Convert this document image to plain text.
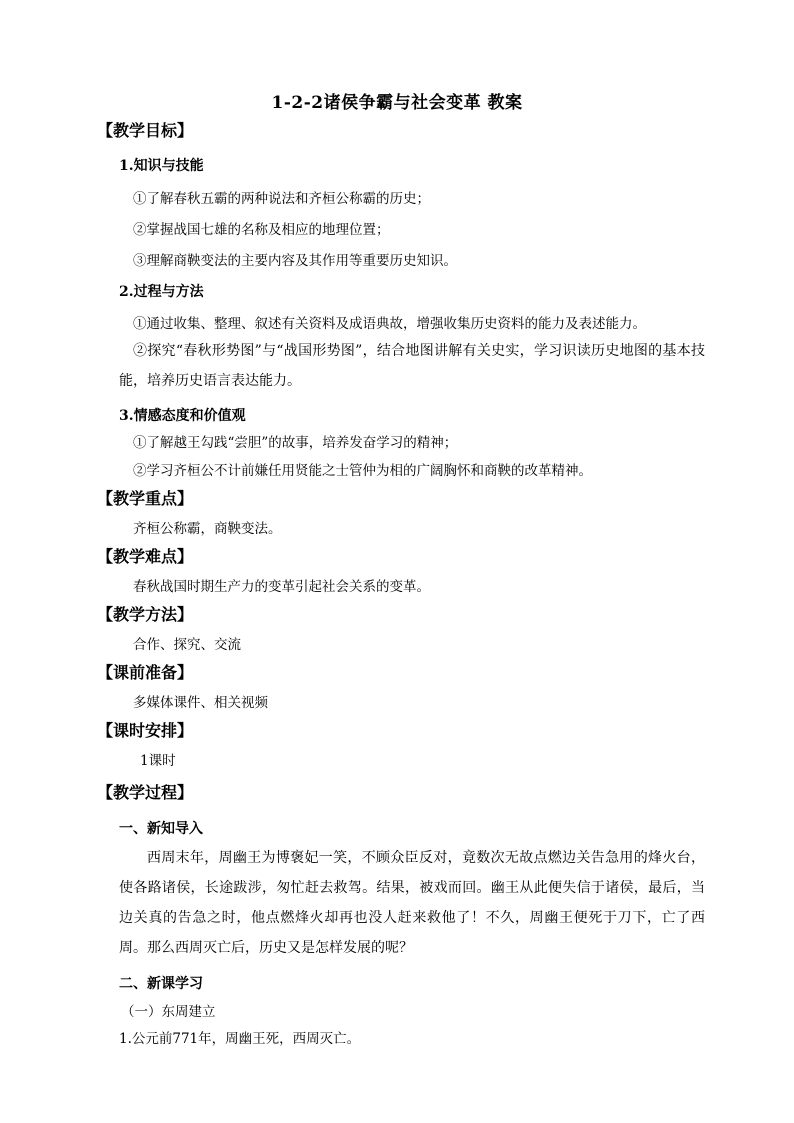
1-2-2诸侯争霸与社会变革 教案
【教学目标】
1.知识与技能
①了解春秋五霸的两种说法和齐桓公称霸的历史；
②掌握战国七雄的名称及相应的地理位置；
③理解商鞅变法的主要内容及其作用等重要历史知识。
2.过程与方法
①通过收集、整理、叙述有关资料及成语典故，增强收集历史资料的能力及表述能力。
②探究“春秋形势图”与“战国形势图”，结合地图讲解有关史实，学习识读历史地图的基本技能，培养历史语言表达能力。
3.情感态度和价值观
①了解越王勾践“尝胆”的故事，培养发奋学习的精神；
②学习齐桓公不计前嫌任用贤能之士管仲为相的广阔胸怀和商鞅的改革精神。
【教学重点】
齐桓公称霸，商鞅变法。
【教学难点】
春秋战国时期生产力的变革引起社会关系的变革。
【教学方法】
合作、探究、交流
【课前准备】
多媒体课件、相关视频
【课时安排】
1课时
【教学过程】
一、新知导入
西周末年，周幽王为博褒妃一笑，不顾众臣反对，竟数次无故点燃边关告急用的烽火台，使各路诸侯，长途跋涉，匆忙赶去救驾。结果，被戏而回。幽王从此便失信于诸侯，最后，当边关真的告急之时，他点燃烽火却再也没人赶来救他了！不久，周幽王便死于刀下，亡了西周。那么西周灭亡后，历史又是怎样发展的呢？
二、新课学习
（一）东周建立
1.公元前771年，周幽王死，西周灭亡。
